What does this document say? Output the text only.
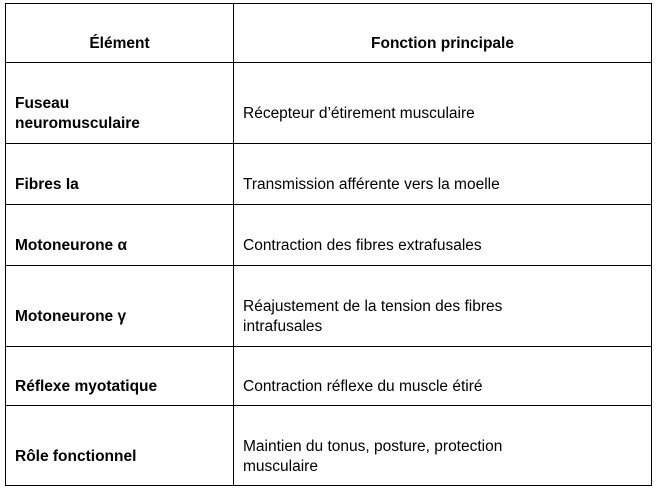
Élément	Fonction principale
Fuseau neuromusculaire	Récepteur d’étirement musculaire
Fibres Ia	Transmission afférente vers la moelle
Motoneurone α	Contraction des fibres extrafusales
Motoneurone γ	Réajustement de la tension des fibres intrafusales
Réflexe myotatique	Contraction réflexe du muscle étiré
Rôle fonctionnel	Maintien du tonus, posture, protection musculaire
